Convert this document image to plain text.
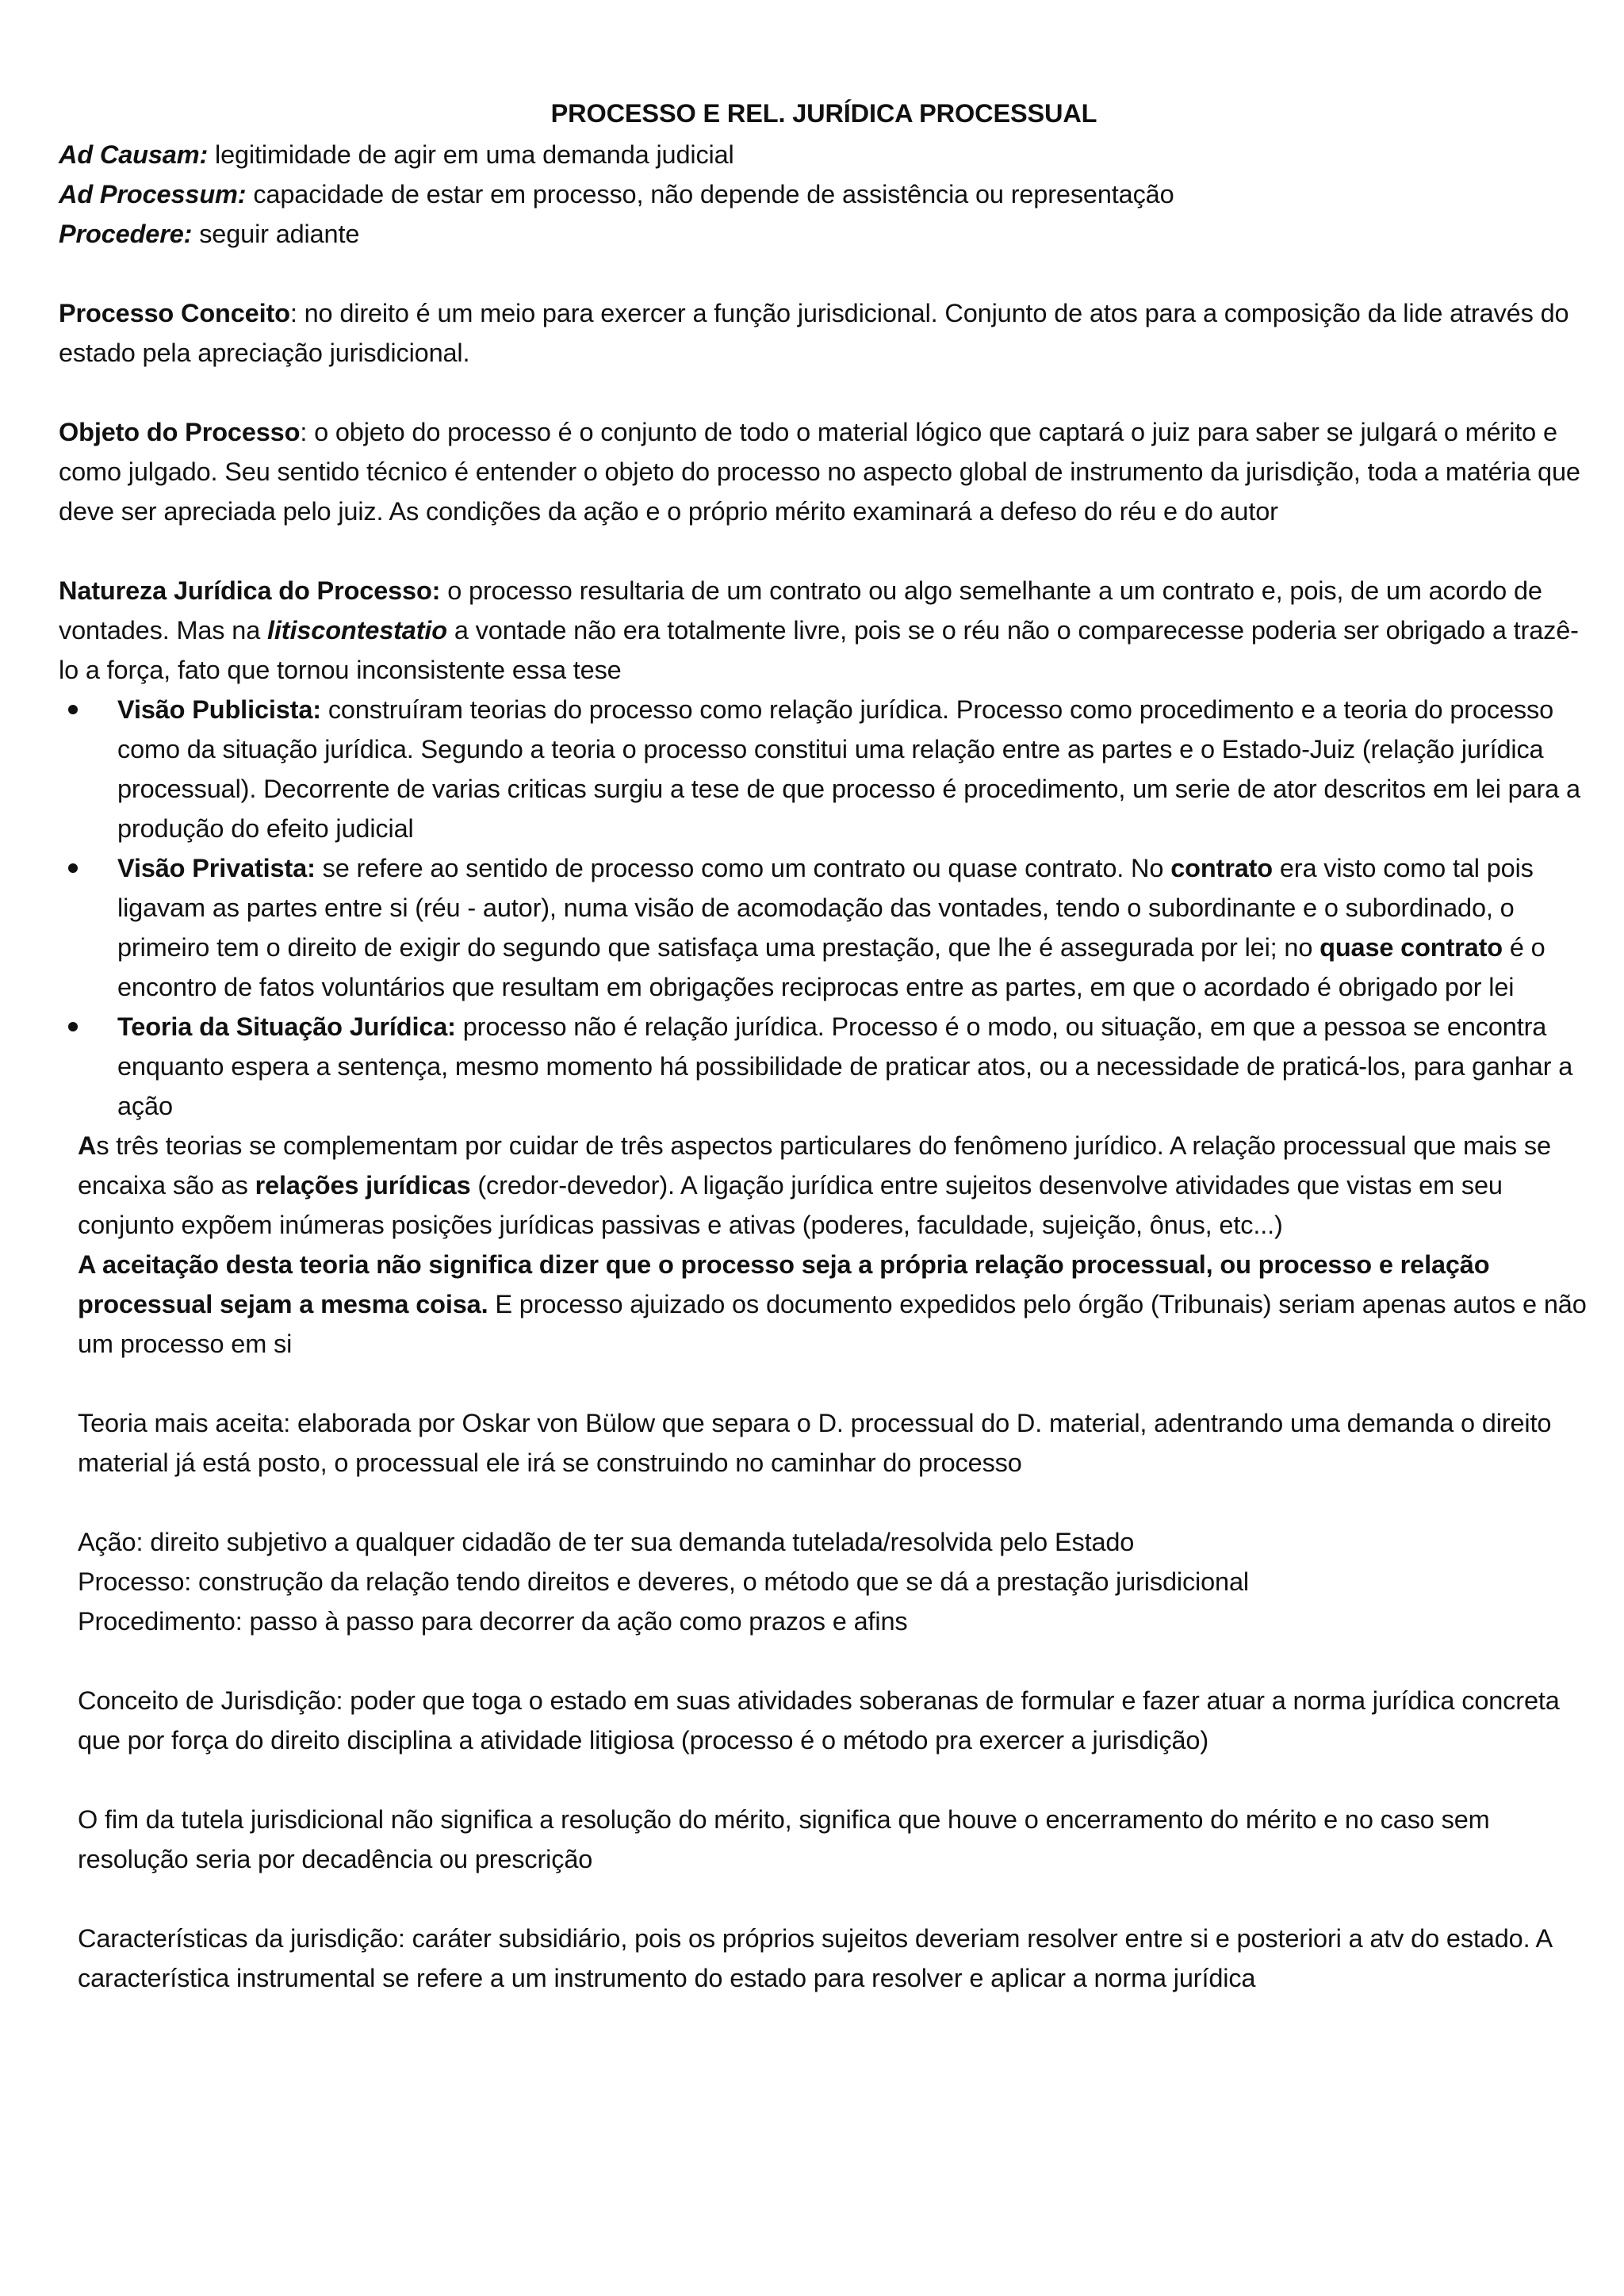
PROCESSO E REL. JURÍDICA PROCESSUAL

Ad Causam: legitimidade de agir em uma demanda judicial

Ad Processum: capacidade de estar em processo, não depende de assistência ou representação

Procedere: seguir adiante

Processo Conceito: no direito é um meio para exercer a função jurisdicional. Conjunto de atos para a composição da lide através do estado pela apreciação jurisdicional.

Objeto do Processo: o objeto do processo é o conjunto de todo o material lógico que captará o juiz para saber se julgará o mérito e como julgado. Seu sentido técnico é entender o objeto do processo no aspecto global de instrumento da jurisdição, toda a matéria que deve ser apreciada pelo juiz. As condições da ação e o próprio mérito examinará a defeso do réu e do autor

Natureza Jurídica do Processo: o processo resultaria de um contrato ou algo semelhante a um contrato e, pois, de um acordo de vontades. Mas na litiscontestatio a vontade não era totalmente livre, pois se o réu não o comparecesse poderia ser obrigado a trazê-lo a força, fato que tornou inconsistente essa tese

Visão Publicista: construíram teorias do processo como relação jurídica. Processo como procedimento e a teoria do processo como da situação jurídica. Segundo a teoria o processo constitui uma relação entre as partes e o Estado-Juiz (relação jurídica processual). Decorrente de varias criticas surgiu a tese de que processo é procedimento, um serie de ator descritos em lei para a produção do efeito judicial
Visão Privatista: se refere ao sentido de processo como um contrato ou quase contrato. No contrato era visto como tal pois ligavam as partes entre si (réu - autor), numa visão de acomodação das vontades, tendo o subordinante e o subordinado, o primeiro tem o direito de exigir do segundo que satisfaça uma prestação, que lhe é assegurada por lei; no quase contrato é o encontro de fatos voluntários que resultam em obrigações reciprocas entre as partes, em que o acordado é obrigado por lei
Teoria da Situação Jurídica: processo não é relação jurídica. Processo é o modo, ou situação, em que a pessoa se encontra enquanto espera a sentença, mesmo momento há possibilidade de praticar atos, ou a necessidade de praticá-los, para ganhar a ação

As três teorias se complementam por cuidar de três aspectos particulares do fenômeno jurídico. A relação processual que mais se encaixa são as relações jurídicas (credor-devedor). A ligação jurídica entre sujeitos desenvolve atividades que vistas em seu conjunto expõem inúmeras posições jurídicas passivas e ativas (poderes, faculdade, sujeição, ônus, etc...)

A aceitação desta teoria não significa dizer que o processo seja a própria relação processual, ou processo e relação processual sejam a mesma coisa. E processo ajuizado os documento expedidos pelo órgão (Tribunais) seriam apenas autos e não um processo em si

Teoria mais aceita: elaborada por Oskar von Bülow que separa o D. processual do D. material, adentrando uma demanda o direito material já está posto, o processual ele irá se construindo no caminhar do processo

Ação: direito subjetivo a qualquer cidadão de ter sua demanda tutelada/resolvida pelo Estado

Processo: construção da relação tendo direitos e deveres, o método que se dá a prestação jurisdicional

Procedimento: passo à passo para decorrer da ação como prazos e afins

Conceito de Jurisdição: poder que toga o estado em suas atividades soberanas de formular e fazer atuar a norma jurídica concreta que por força do direito disciplina a atividade litigiosa (processo é o método pra exercer a jurisdição)

O fim da tutela jurisdicional não significa a resolução do mérito, significa que houve o encerramento do mérito e no caso sem resolução seria por decadência ou prescrição

Características da jurisdição: caráter subsidiário, pois os próprios sujeitos deveriam resolver entre si e posteriori a atv do estado. A característica instrumental se refere a um instrumento do estado para resolver e aplicar a norma jurídica
